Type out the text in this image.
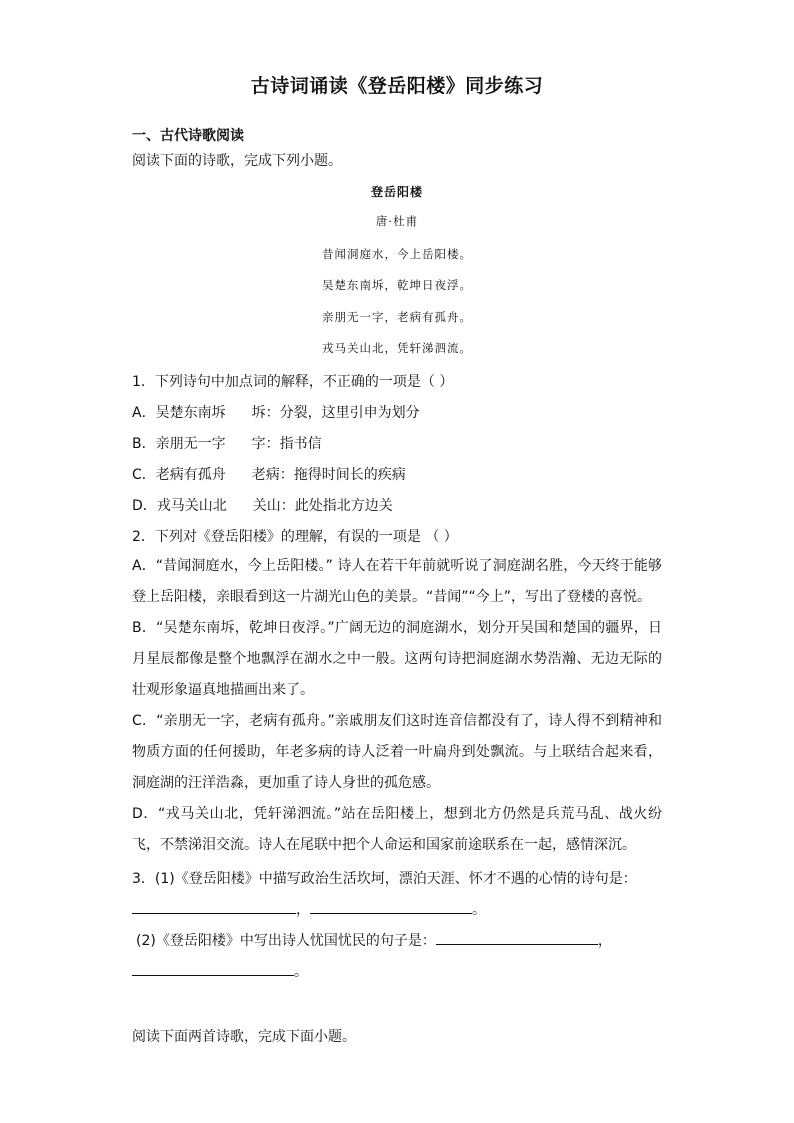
古诗词诵读《登岳阳楼》同步练习
一、古代诗歌阅读
阅读下面的诗歌，完成下列小题。
登岳阳楼
唐·杜甫
昔闻洞庭水，今上岳阳楼。
吴楚东南坼，乾坤日夜浮。
亲朋无一字，老病有孤舟。
戎马关山北，凭轩涕泗流。
1．下列诗句中加点词的解释，不正确的一项是（ ）
A．吴楚东南坼 坼：分裂，这里引申为划分
B．亲朋无一字 字：指书信
C．老病有孤舟 老病：拖得时间长的疾病
D．戎马关山北 关山：此处指北方边关
2．下列对《登岳阳楼》的理解，有误的一项是 （ ）
A．“昔闻洞庭水，今上岳阳楼。” 诗人在若干年前就听说了洞庭湖名胜，今天终于能够登上岳阳楼，亲眼看到这一片湖光山色的美景。“昔闻”“今上”，写出了登楼的喜悦。
B．“吴楚东南坼，乾坤日夜浮。”广阔无边的洞庭湖水，划分开吴国和楚国的疆界，日月星辰都像是整个地飘浮在湖水之中一般。这两句诗把洞庭湖水势浩瀚、无边无际的壮观形象逼真地描画出来了。
C．“亲朋无一字，老病有孤舟。”亲戚朋友们这时连音信都没有了，诗人得不到精神和物质方面的任何援助，年老多病的诗人泛着一叶扁舟到处飘流。与上联结合起来看，洞庭湖的汪洋浩淼，更加重了诗人身世的孤危感。
D．“戎马关山北，凭轩涕泗流。”站在岳阳楼上，想到北方仍然是兵荒马乱、战火纷飞，不禁涕泪交流。诗人在尾联中把个人命运和国家前途联系在一起，感情深沉。
3．(1)《登岳阳楼》中描写政治生活坎坷，漂泊天涯、怀才不遇的心情的诗句是：
，	。
(2)《登岳阳楼》中写出诗人忧国忧民的句子是：	，
。
阅读下面两首诗歌，完成下面小题。
